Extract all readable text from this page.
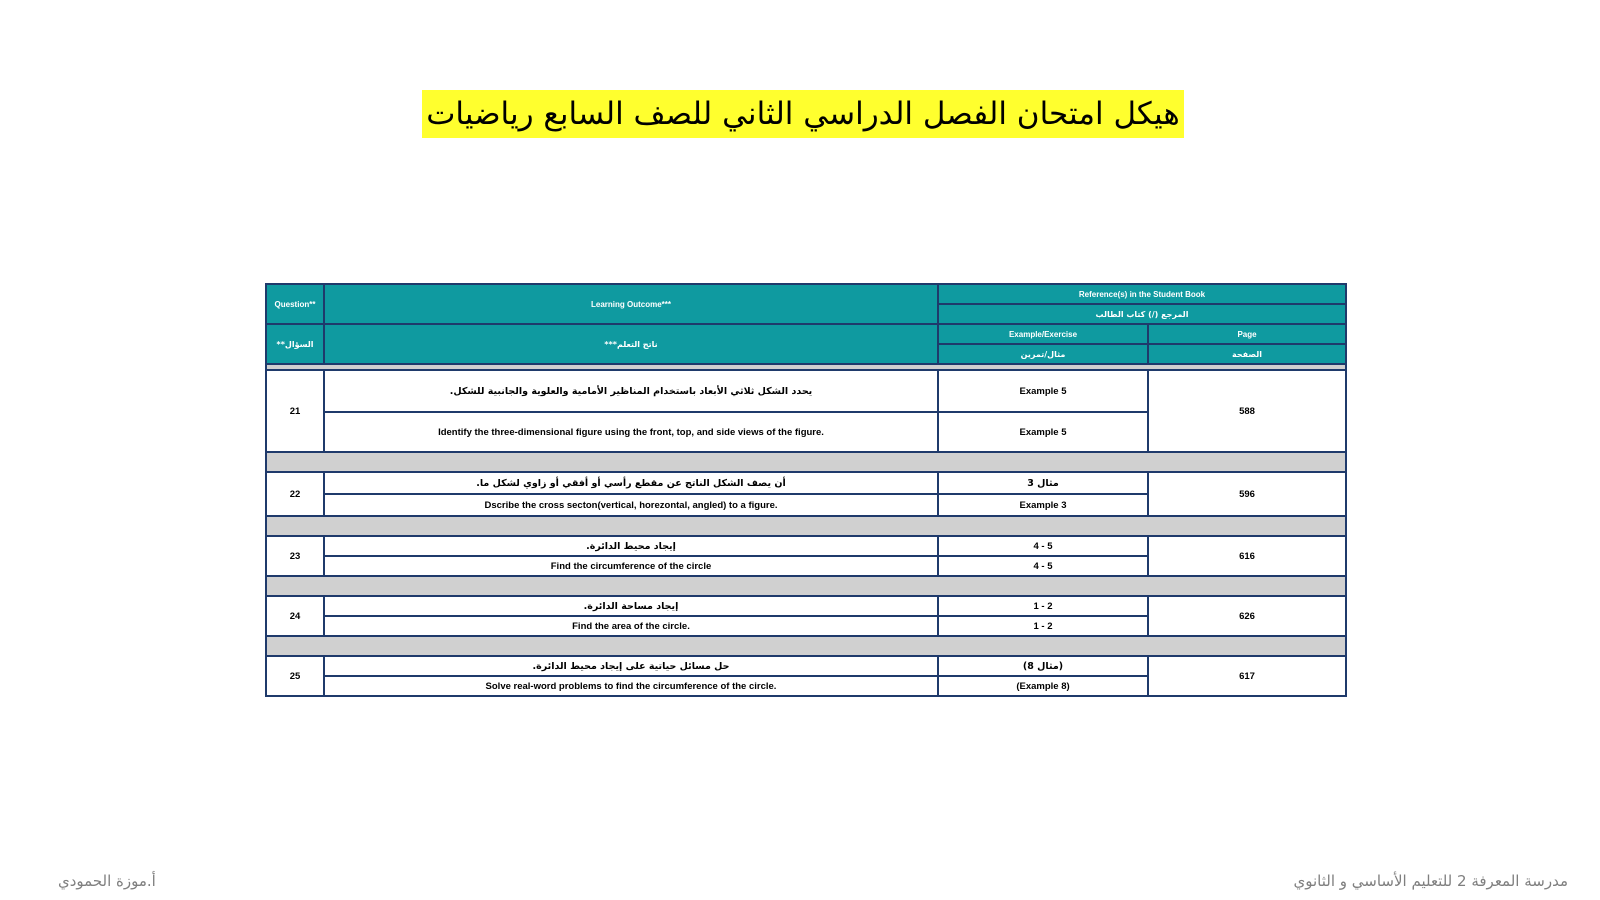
هيكل امتحان الفصل الدراسي الثاني للصف السابع رياضيات
Question**	Learning Outcome***	Reference(s) in the Student Book	
		المرجع (/) كتاب الطالب	
السؤال**	ناتج التعلم***	Example/Exercise	Page
		مثال/تمرين	الصفحة

21	يحدد الشكل ثلاثي الأبعاد باستخدام المناظير الأمامية والعلوية والجانبية للشكل.	Example 5	588
	Identify the three-dimensional figure using the front, top, and side views of the figure.	Example 5	

22	أن يصف الشكل الناتج عن مقطع رأسي أو أفقي أو زاوي لشكل ما.	مثال 3	596
	Dscribe the cross secton(vertical, horezontal, angled) to a figure.	Example 3	

23	إيجاد محيط الدائرة.	4 - 5	616
	Find the circumference of the circle	4 - 5	

24	إيجاد مساحة الدائرة.	1 - 2	626
	Find the area of the circle.	1 - 2	

25	حل مسائل حياتية على إيجاد محيط الدائرة.	(مثال 8)	617
	Solve real-word problems to find the circumference of the circle.	(Example 8)	
أ.موزة الحمودي	مدرسة المعرفة 2 للتعليم الأساسي و الثانوي
